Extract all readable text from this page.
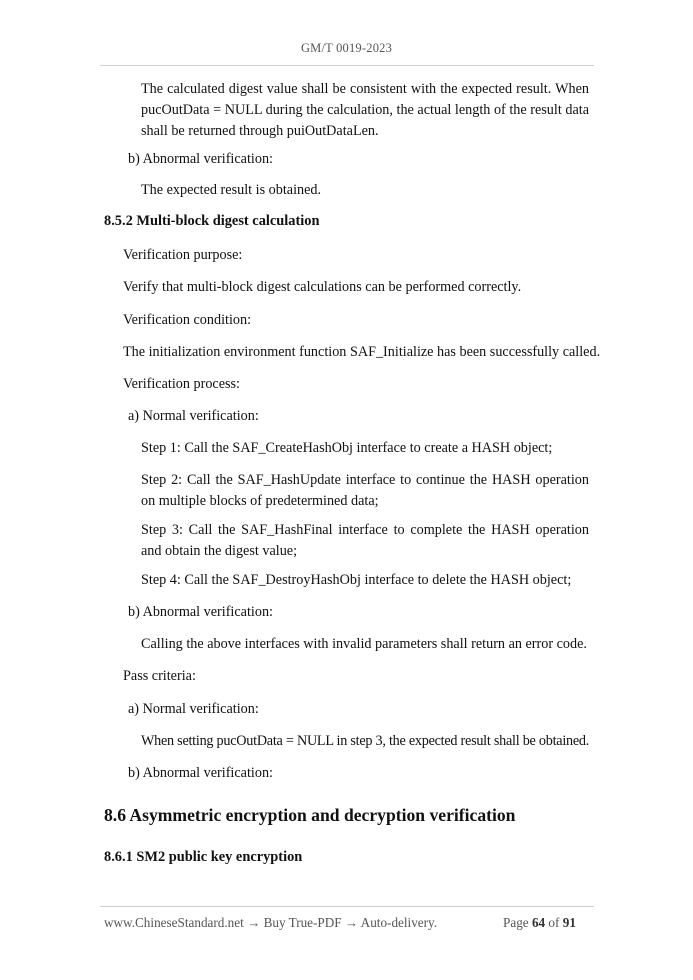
GM/T 0019-2023
The calculated digest value shall be consistent with the expected result. When pucOutData = NULL during the calculation, the actual length of the result data shall be returned through puiOutDataLen.
b) Abnormal verification:
The expected result is obtained.
8.5.2 Multi-block digest calculation
Verification purpose:
Verify that multi-block digest calculations can be performed correctly.
Verification condition:
The initialization environment function SAF_Initialize has been successfully called.
Verification process:
a) Normal verification:
Step 1: Call the SAF_CreateHashObj interface to create a HASH object;
Step 2: Call the SAF_HashUpdate interface to continue the HASH operation on multiple blocks of predetermined data;
Step 3: Call the SAF_HashFinal interface to complete the HASH operation and obtain the digest value;
Step 4: Call the SAF_DestroyHashObj interface to delete the HASH object;
b) Abnormal verification:
Calling the above interfaces with invalid parameters shall return an error code.
Pass criteria:
a) Normal verification:
When setting pucOutData = NULL in step 3, the expected result shall be obtained.
b) Abnormal verification:
8.6 Asymmetric encryption and decryption verification
8.6.1 SM2 public key encryption
www.ChineseStandard.net → Buy True-PDF → Auto-delivery.	Page 64 of 91
